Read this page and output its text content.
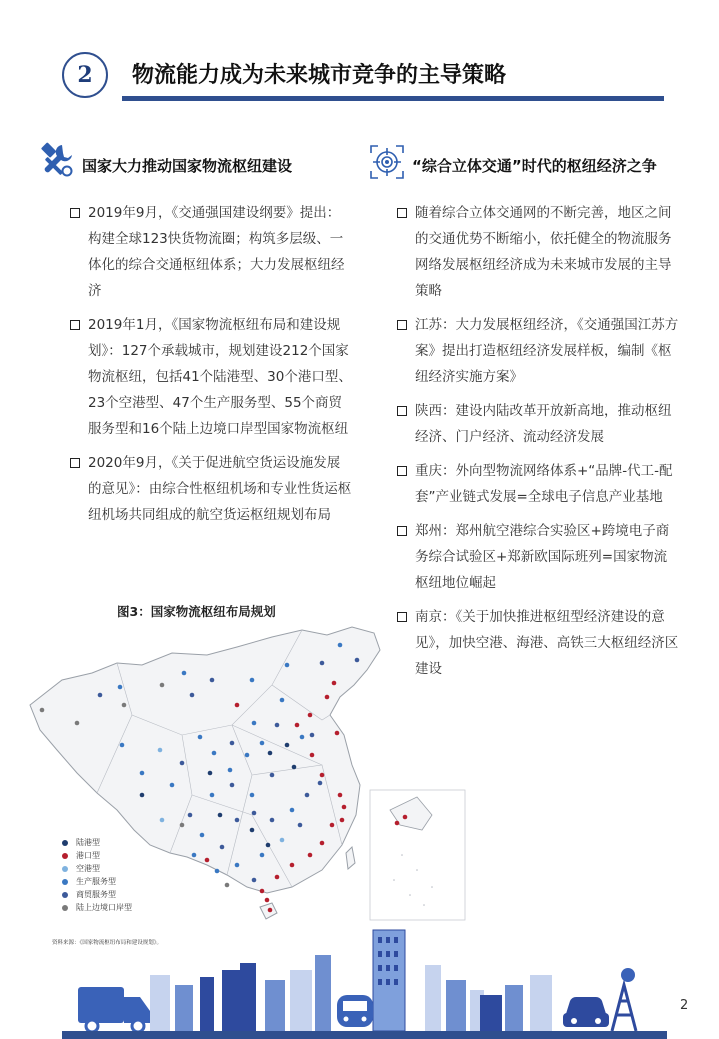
2	物流能力成为未来城市竞争的主导策略
国家大力推动国家物流枢纽建设	“综合立体交通”时代的枢纽经济之争
2019年9月，《交通强国建设纲要》提出：构建全球123快货物流圈；构筑多层级、一体化的综合交通枢纽体系；大力发展枢纽经济
2019年1月，《国家物流枢纽布局和建设规划》：127个承载城市，规划建设212个国家物流枢纽，包括41个陆港型、30个港口型、23个空港型、47个生产服务型、55个商贸服务型和16个陆上边境口岸型国家物流枢纽
2020年9月，《关于促进航空货运设施发展的意见》：由综合性枢纽机场和专业性货运枢纽机场共同组成的航空货运枢纽规划布局
随着综合立体交通网的不断完善，地区之间的交通优势不断缩小，依托健全的物流服务网络发展枢纽经济成为未来城市发展的主导策略
江苏：大力发展枢纽经济，《交通强国江苏方案》提出打造枢纽经济发展样板，编制《枢纽经济实施方案》
陕西：建设内陆改革开放新高地，推动枢纽经济、门户经济、流动经济发展
重庆：外向型物流网络体系+“品牌-代工-配套”产业链式发展=全球电子信息产业基地
郑州：郑州航空港综合实验区+跨境电子商务综合试验区+郑新欧国际班列=国家物流枢纽地位崛起
南京：《关于加快推进枢纽型经济建设的意见》，加快空港、海港、高铁三大枢纽经济区建设
图3：国家物流枢纽布局规划
陆港型
港口型
空港型
生产服务型
商贸服务型
陆上边境口岸型
资料来源：《国家物流枢纽布局和建设规划》。
2
